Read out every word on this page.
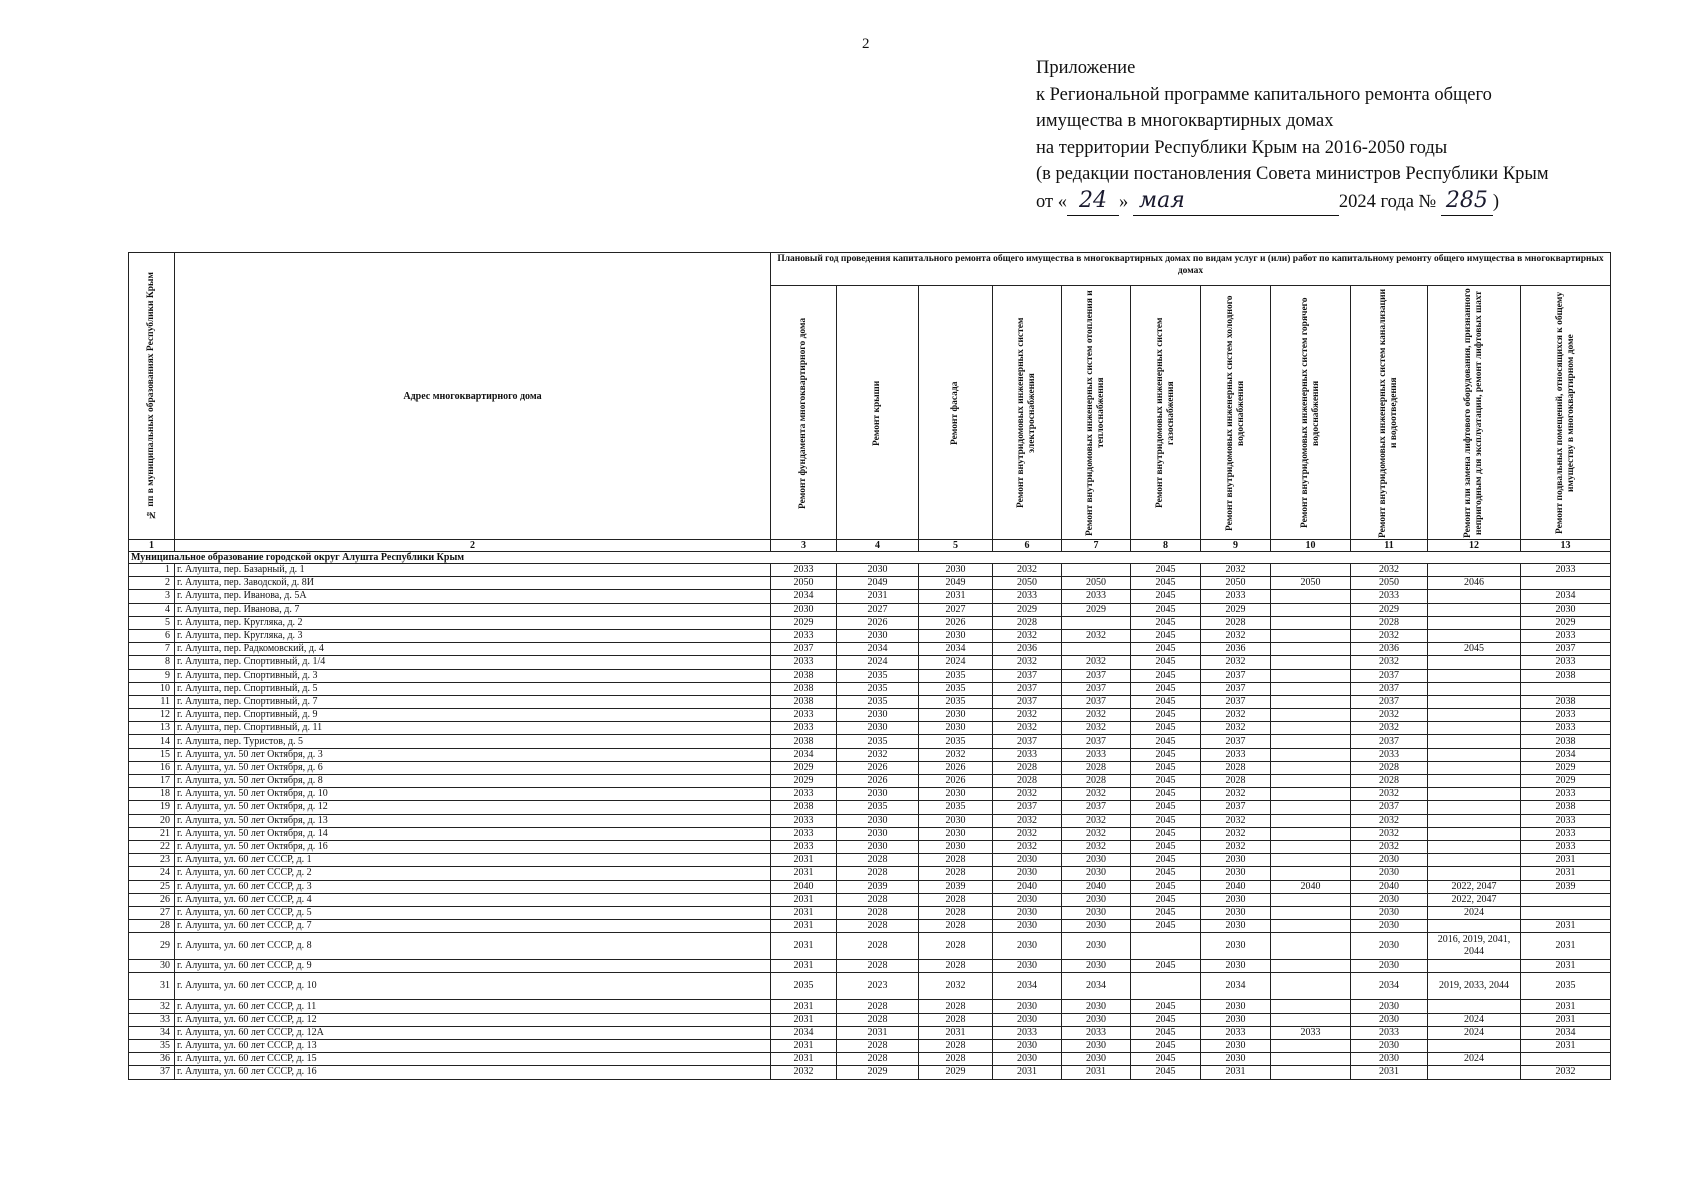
2
Приложение
к Региональной программе капитального ремонта общего
имущества в многоквартирных домах
на территории Республики Крым на 2016-2050 годы
(в редакции постановления Совета министров Республики Крым
от « 24 » мая	2024 года № 285 )
№ пп в муниципальных образованиях Республики Крым	Адрес многоквартирного дома	Плановый год проведения капитального ремонта общего имущества в многоквартирных домах по видам услуг и (или) работ по капитальному ремонту общего имущества в многоквартирных домах										

		Ремонт фундамента многоквартирного дома	Ремонт крыши	Ремонт фасада	Ремонт внутридомовых инженерных систем электроснабжения	Ремонт внутридомовых инженерных систем отопления и теплоснабжения	Ремонт внутридомовых инженерных систем газоснабжения	Ремонт внутридомовых инженерных систем холодного водоснабжения	Ремонт внутридомовых инженерных систем горячего водоснабжения	Ремонт внутридомовых инженерных систем канализации и водоотведения	Ремонт или замена лифтового оборудования, признанного непригодным для эксплуатации, ремонт лифтовых шахт	Ремонт подвальных помещений, относящихся к общему имуществу в многоквартирном доме

1	2	3	4	5	6	7	8	9	10	11	12	13
Муниципальное образование городской округ Алушта Республики Крым												
1	г. Алушта, пер. Базарный, д. 1	2033	2030	2030	2032		2045	2032		2032		2033
2	г. Алушта, пер. Заводской, д. 8И	2050	2049	2049	2050	2050	2045	2050	2050	2050	2046	
3	г. Алушта, пер. Иванова, д. 5А	2034	2031	2031	2033	2033	2045	2033		2033		2034
4	г. Алушта, пер. Иванова, д. 7	2030	2027	2027	2029	2029	2045	2029		2029		2030
5	г. Алушта, пер. Кругляка, д. 2	2029	2026	2026	2028		2045	2028		2028		2029
6	г. Алушта, пер. Кругляка, д. 3	2033	2030	2030	2032	2032	2045	2032		2032		2033
7	г. Алушта, пер. Радкомовский, д. 4	2037	2034	2034	2036		2045	2036		2036	2045	2037
8	г. Алушта, пер. Спортивный, д. 1/4	2033	2024	2024	2032	2032	2045	2032		2032		2033
9	г. Алушта, пер. Спортивный, д. 3	2038	2035	2035	2037	2037	2045	2037		2037		2038
10	г. Алушта, пер. Спортивный, д. 5	2038	2035	2035	2037	2037	2045	2037		2037		
11	г. Алушта, пер. Спортивный, д. 7	2038	2035	2035	2037	2037	2045	2037		2037		2038
12	г. Алушта, пер. Спортивный, д. 9	2033	2030	2030	2032	2032	2045	2032		2032		2033
13	г. Алушта, пер. Спортивный, д. 11	2033	2030	2030	2032	2032	2045	2032		2032		2033
14	г. Алушта, пер. Туристов, д. 5	2038	2035	2035	2037	2037	2045	2037		2037		2038
15	г. Алушта, ул. 50 лет Октября, д. 3	2034	2032	2032	2033	2033	2045	2033		2033		2034
16	г. Алушта, ул. 50 лет Октября, д. 6	2029	2026	2026	2028	2028	2045	2028		2028		2029
17	г. Алушта, ул. 50 лет Октября, д. 8	2029	2026	2026	2028	2028	2045	2028		2028		2029
18	г. Алушта, ул. 50 лет Октября, д. 10	2033	2030	2030	2032	2032	2045	2032		2032		2033
19	г. Алушта, ул. 50 лет Октября, д. 12	2038	2035	2035	2037	2037	2045	2037		2037		2038
20	г. Алушта, ул. 50 лет Октября, д. 13	2033	2030	2030	2032	2032	2045	2032		2032		2033
21	г. Алушта, ул. 50 лет Октября, д. 14	2033	2030	2030	2032	2032	2045	2032		2032		2033
22	г. Алушта, ул. 50 лет Октября, д. 16	2033	2030	2030	2032	2032	2045	2032		2032		2033
23	г. Алушта, ул. 60 лет СССР, д. 1	2031	2028	2028	2030	2030	2045	2030		2030		2031
24	г. Алушта, ул. 60 лет СССР, д. 2	2031	2028	2028	2030	2030	2045	2030		2030		2031
25	г. Алушта, ул. 60 лет СССР, д. 3	2040	2039	2039	2040	2040	2045	2040	2040	2040	2022, 2047	2039
26	г. Алушта, ул. 60 лет СССР, д. 4	2031	2028	2028	2030	2030	2045	2030		2030	2022, 2047	
27	г. Алушта, ул. 60 лет СССР, д. 5	2031	2028	2028	2030	2030	2045	2030		2030	2024	
28	г. Алушта, ул. 60 лет СССР, д. 7	2031	2028	2028	2030	2030	2045	2030		2030		2031
29	г. Алушта, ул. 60 лет СССР, д. 8	2031	2028	2028	2030	2030		2030		2030	2016, 2019, 2041, 2044	2031
30	г. Алушта, ул. 60 лет СССР, д. 9	2031	2028	2028	2030	2030	2045	2030		2030		2031
31	г. Алушта, ул. 60 лет СССР, д. 10	2035	2023	2032	2034	2034		2034		2034	2019, 2033, 2044	2035
32	г. Алушта, ул. 60 лет СССР, д. 11	2031	2028	2028	2030	2030	2045	2030		2030		2031
33	г. Алушта, ул. 60 лет СССР, д. 12	2031	2028	2028	2030	2030	2045	2030		2030	2024	2031
34	г. Алушта, ул. 60 лет СССР, д. 12А	2034	2031	2031	2033	2033	2045	2033	2033	2033	2024	2034
35	г. Алушта, ул. 60 лет СССР, д. 13	2031	2028	2028	2030	2030	2045	2030		2030		2031
36	г. Алушта, ул. 60 лет СССР, д. 15	2031	2028	2028	2030	2030	2045	2030		2030	2024	
37	г. Алушта, ул. 60 лет СССР, д. 16	2032	2029	2029	2031	2031	2045	2031		2031		2032
